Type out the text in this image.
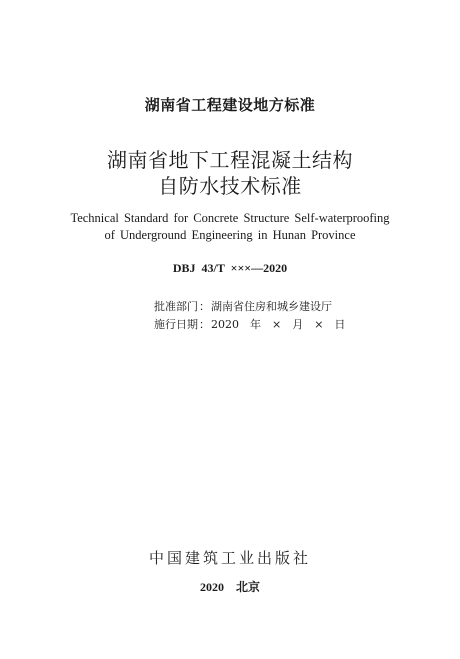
湖南省工程建设地方标准

湖南省地下工程混凝土结构

自防水技术标准

Technical Standard for Concrete Structure Self-waterproofing

of Underground Engineering in Hunan Province

DBJ 43/T ×××—2020

批准部门：湖南省住房和城乡建设厅
施行日期：2020　年　×　月　×　日

中国建筑工业出版社

2020　北京
